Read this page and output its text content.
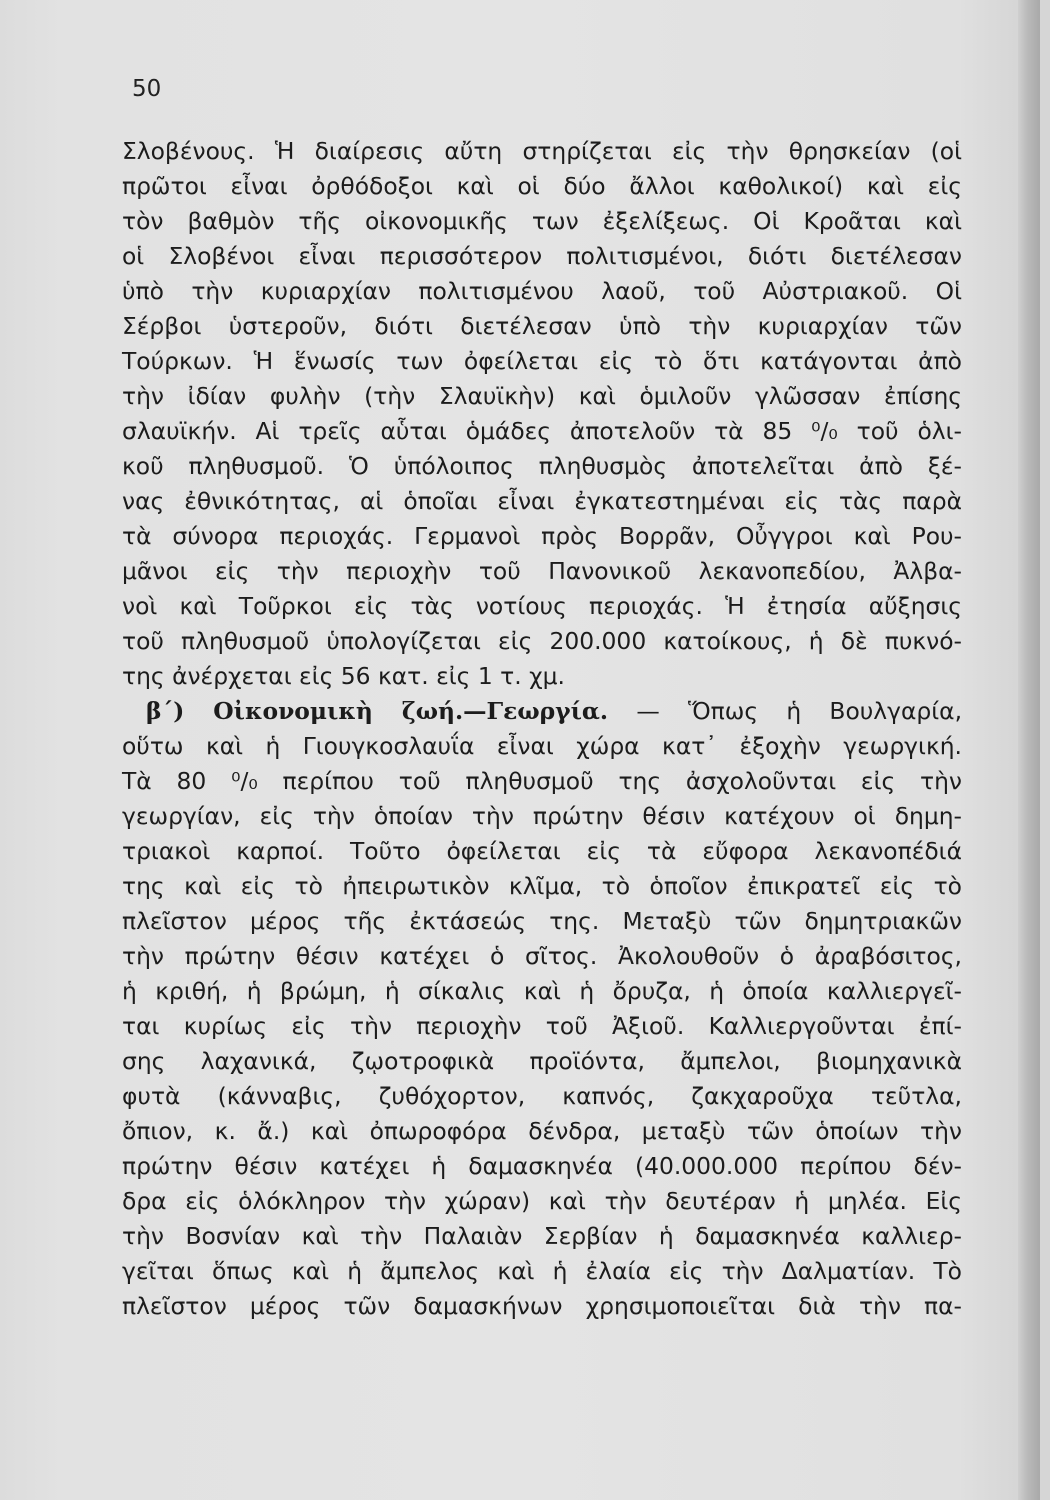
50

Σλοβένους. Ἡ διαίρεσις αὔτη στηρίζεται εἰς τὴν θρησκείαν (οἱ
πρῶτοι εἶναι ὀρθόδοξοι καὶ οἱ δύο ἄλλοι καθολικοί) καὶ εἰς
τὸν βαθμὸν τῆς οἰκονομικῆς των ἐξελίξεως. Οἱ Κροᾶται καὶ
οἱ Σλοβένοι εἶναι περισσότερον πολιτισμένοι, διότι διετέλεσαν
ὑπὸ τὴν κυριαρχίαν πολιτισμένου λαοῦ, τοῦ Αὐστριακοῦ. Οἱ
Σέρβοι ὑστεροῦν, διότι διετέλεσαν ὑπὸ τὴν κυριαρχίαν τῶν
Τούρκων. Ἡ ἕνωσίς των ὀφείλεται εἰς τὸ ὅτι κατάγονται ἀπὸ
τὴν ἰδίαν φυλὴν (τὴν Σλαυϊκὴν) καὶ ὁμιλοῦν γλῶσσαν ἐπίσης
σλαυϊκήν. Αἱ τρεῖς αὗται ὁμάδες ἀποτελοῦν τὰ 85 ⁰/₀ τοῦ ὁλι-
κοῦ πληθυσμοῦ. Ὁ ὑπόλοιπος πληθυσμὸς ἀποτελεῖται ἀπὸ ξέ-
νας ἐθνικότητας, αἱ ὁποῖαι εἶναι ἐγκατεστημέναι εἰς τὰς παρὰ
τὰ σύνορα περιοχάς. Γερμανοὶ πρὸς Βορρᾶν, Οὖγγροι καὶ Ρου-
μᾶνοι εἰς τὴν περιοχὴν τοῦ Πανονικοῦ λεκανοπεδίου, Ἀλβα-
νοὶ καὶ Τοῦρκοι εἰς τὰς νοτίους περιοχάς. Ἡ ἐτησία αὔξησις
τοῦ πληθυσμοῦ ὑπολογίζεται εἰς 200.000 κατοίκους, ἡ δὲ πυκνό-
της ἀνέρχεται εἰς 56 κατ. εἰς 1 τ. χμ.
β΄) Οἰκονομικὴ ζωή.—Γεωργία. — Ὅπως ἡ Βουλγαρία,
οὕτω καὶ ἡ Γιουγκοσλαυΐα εἶναι χώρα κατ᾽ ἐξοχὴν γεωργική.
Τὰ 80 ⁰/₀ περίπου τοῦ πληθυσμοῦ της ἀσχολοῦνται εἰς τὴν
γεωργίαν, εἰς τὴν ὁποίαν τὴν πρώτην θέσιν κατέχουν οἱ δημη-
τριακοὶ καρποί. Τοῦτο ὀφείλεται εἰς τὰ εὔφορα λεκανοπέδιά
της καὶ εἰς τὸ ἠπειρωτικὸν κλῖμα, τὸ ὁποῖον ἐπικρατεῖ εἰς τὸ
πλεῖστον μέρος τῆς ἐκτάσεώς της. Μεταξὺ τῶν δημητριακῶν
τὴν πρώτην θέσιν κατέχει ὁ σῖτος. Ἀκολουθοῦν ὁ ἀραβόσιτος,
ἡ κριθή, ἡ βρώμη, ἡ σίκαλις καὶ ἡ ὄρυζα, ἡ ὁποία καλλιεργεῖ-
ται κυρίως εἰς τὴν περιοχὴν τοῦ Ἀξιοῦ. Καλλιεργοῦνται ἐπί-
σης λαχανικά, ζῳοτροφικὰ προϊόντα, ἄμπελοι, βιομηχανικὰ
φυτὰ (κάνναβις, ζυθόχορτον, καπνός, ζακχαροῦχα τεῦτλα,
ὄπιον, κ. ἄ.) καὶ ὀπωροφόρα δένδρα, μεταξὺ τῶν ὁποίων τὴν
πρώτην θέσιν κατέχει ἡ δαμασκηνέα (40.000.000 περίπου δέν-
δρα εἰς ὁλόκληρον τὴν χώραν) καὶ τὴν δευτέραν ἡ μηλέα. Εἰς
τὴν Βοσνίαν καὶ τὴν Παλαιὰν Σερβίαν ἡ δαμασκηνέα καλλιερ-
γεῖται ὅπως καὶ ἡ ἄμπελος καὶ ἡ ἐλαία εἰς τὴν Δαλματίαν. Τὸ
πλεῖστον μέρος τῶν δαμασκήνων χρησιμοποιεῖται διὰ τὴν πα-
